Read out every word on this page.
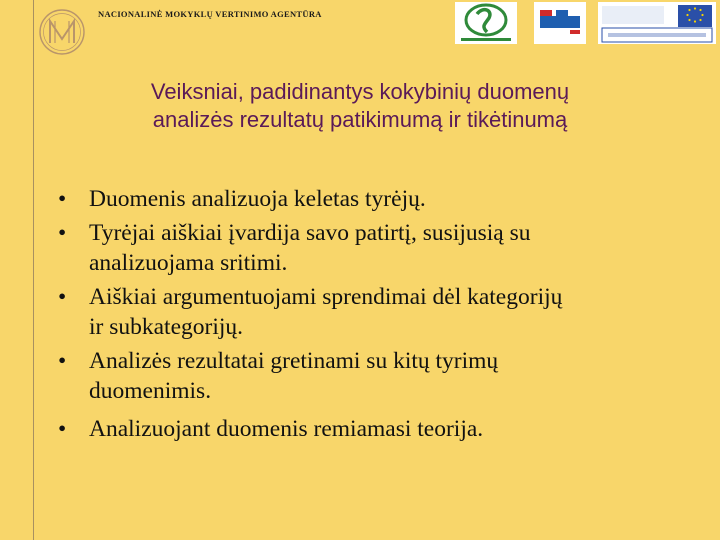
NACIONALINĖ MOKYKLŲ VERTINIMO AGENTŪRA
Veiksniai, padidinantys kokybinių duomenų
analizės rezultatų patikimumą ir tikėtinumą
• Duomenis analizuoja keletas tyrėjų.
• Tyrėjai aiškiai įvardija savo patirtį, susijusią su
analizuojama sritimi.
• Aiškiai argumentuojami sprendimai dėl kategorijų
ir subkategorijų.
• Analizės rezultatai gretinami su kitų tyrimų
duomenimis.
• Analizuojant duomenis remiamasi teorija.
